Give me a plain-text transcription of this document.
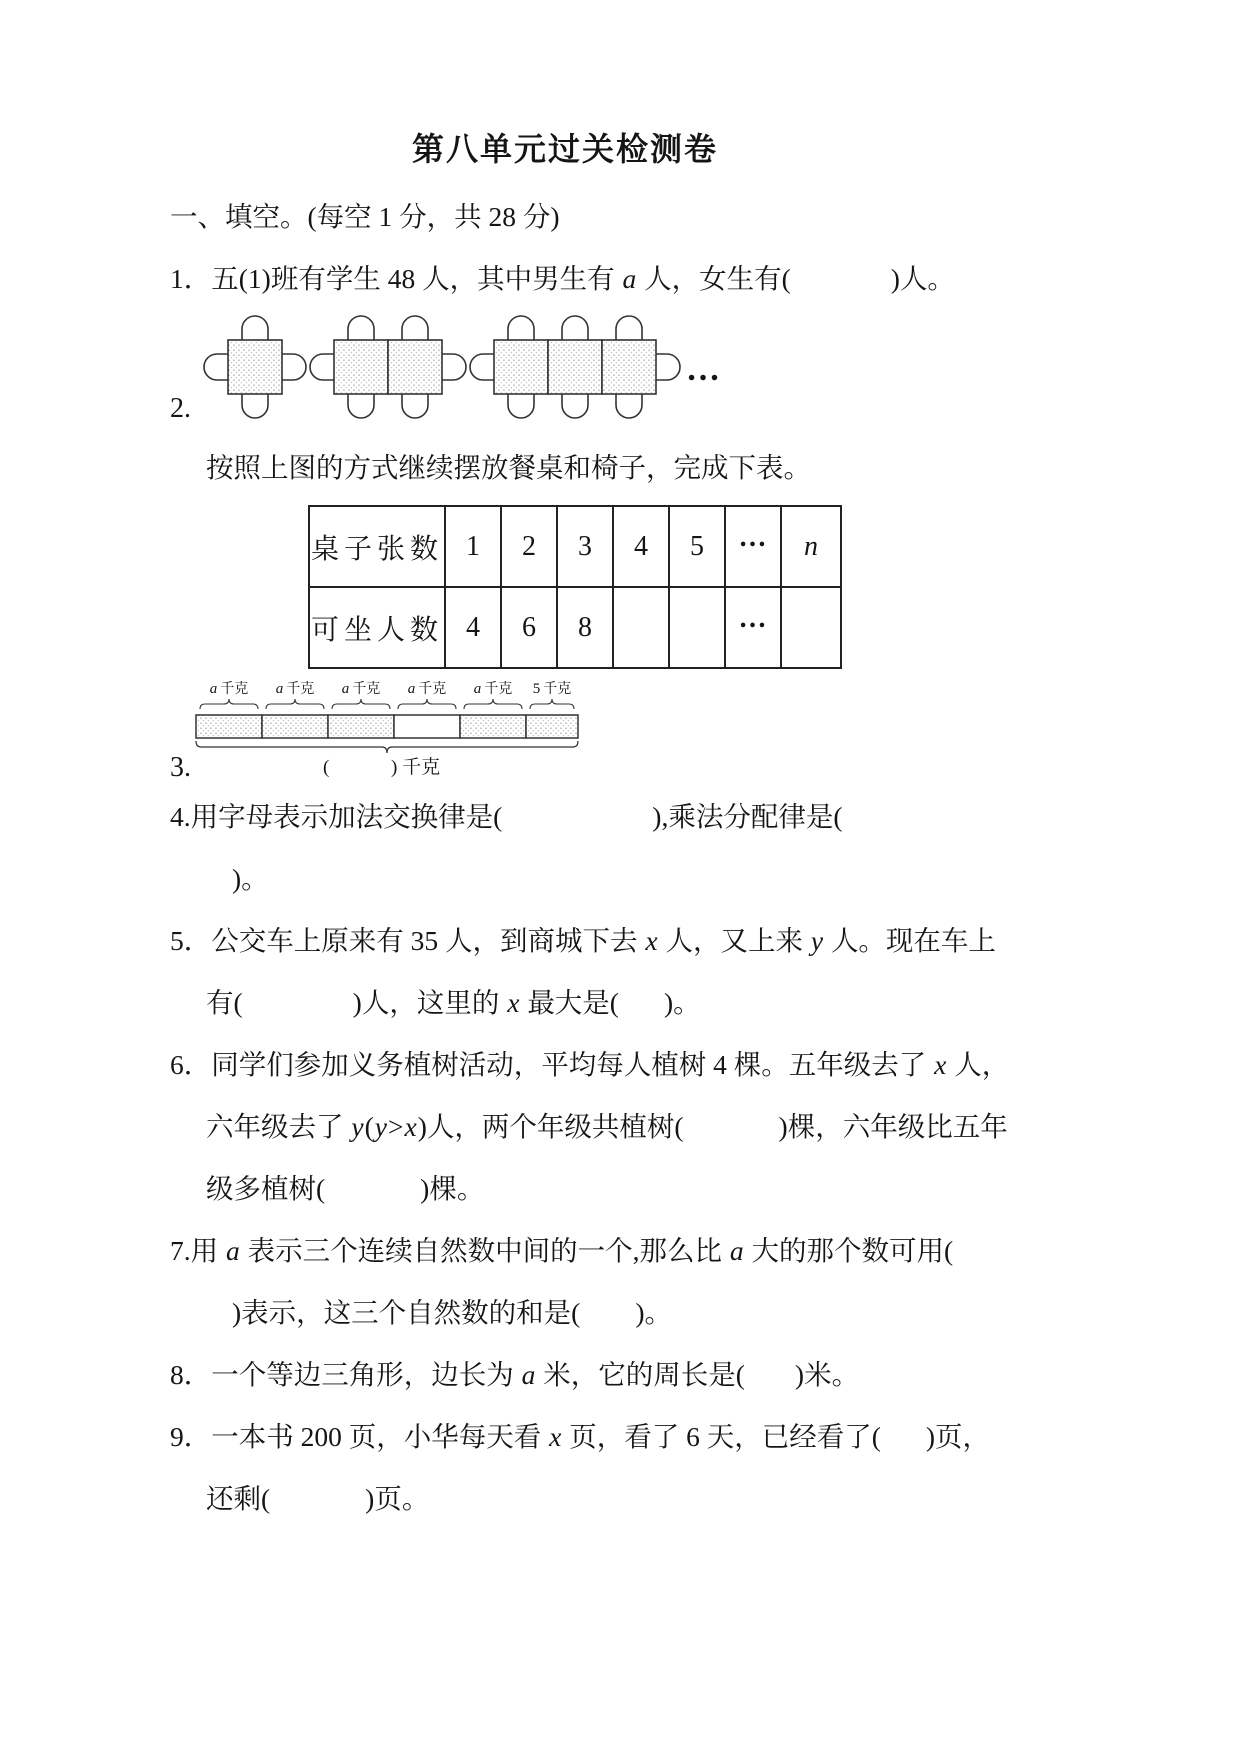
第八单元过关检测卷
一、填空。(每空 1 分，共 28 分)
1．五(1)班有学生 48 人，其中男生有 a 人，女生有(	)人。
2.
…
按照上图的方式继续摆放餐桌和椅子，完成下表。
桌子张数	1	2	3	4	5	…	n
可坐人数	4	6	8			…	
3.
a 千克 a 千克 a 千克 a 千克 a 千克 5 千克
(	) 千克
4.用字母表示加法交换律是(	),乘法分配律是(
)。
5．公交车上原来有 35 人，到商城下去 x 人，又上来 y 人。现在车上
有(	)人，这里的 x 最大是( )。
6．同学们参加义务植树活动，平均每人植树 4 棵。五年级去了 x 人，
六年级去了 y(y>x)人，两个年级共植树(	)棵，六年级比五年
级多植树(	)棵。
7.用 a 表示三个连续自然数中间的一个,那么比 a 大的那个数可用(
)表示，这三个自然数的和是( )。
8．一个等边三角形，边长为 a 米，它的周长是( )米。
9．一本书 200 页，小华每天看 x 页，看了 6 天，已经看了( )页，
还剩(	)页。
